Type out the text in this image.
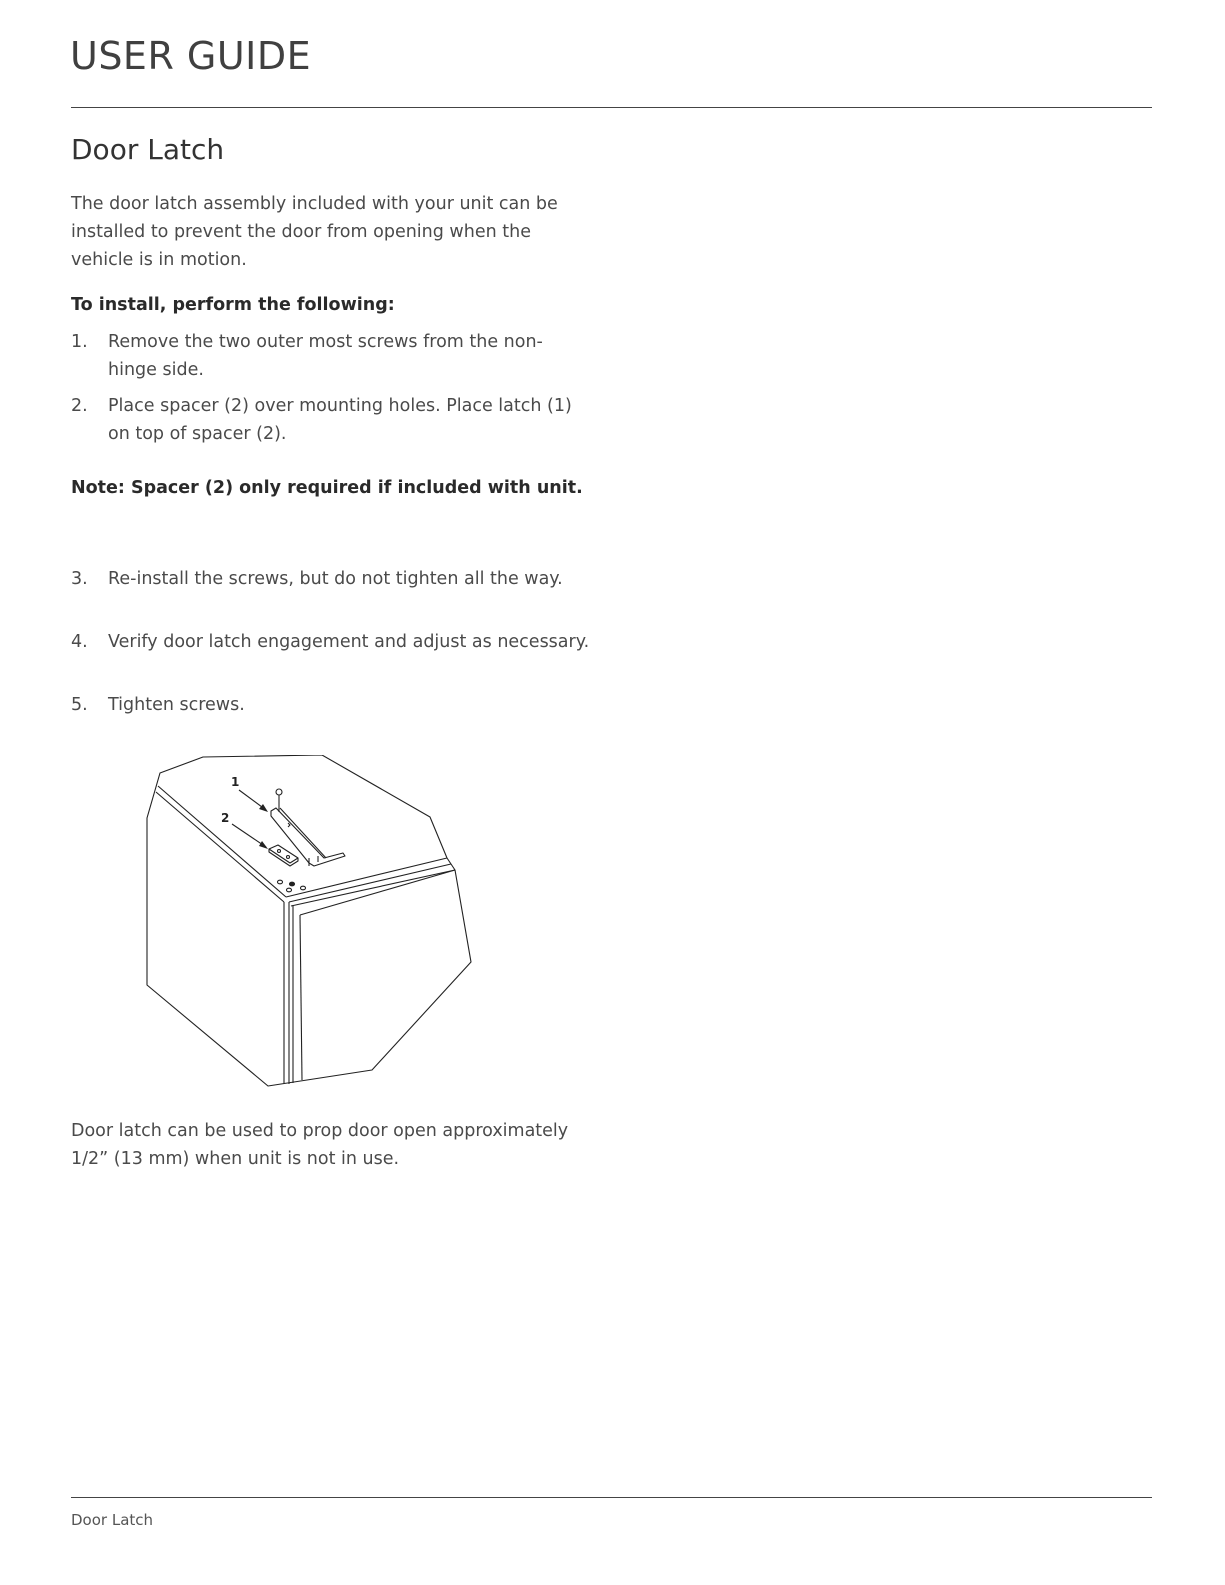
USER GUIDE
Door Latch

The door latch assembly included with your unit can be installed to prevent the door from opening when the vehicle is in motion.

To install, perform the following:

1. Remove the two outer most screws from the non-hinge side.
2. Place spacer (2) over mounting holes. Place latch (1) on top of spacer (2).

Note: Spacer (2) only required if included with unit.

3. Re-install the screws, but do not tighten all the way.
4. Verify door latch engagement and adjust as necessary.
5. Tighten screws.
1
2

Door latch can be used to prop door open approximately 1/2” (13 mm) when unit is not in use.

Door Latch
